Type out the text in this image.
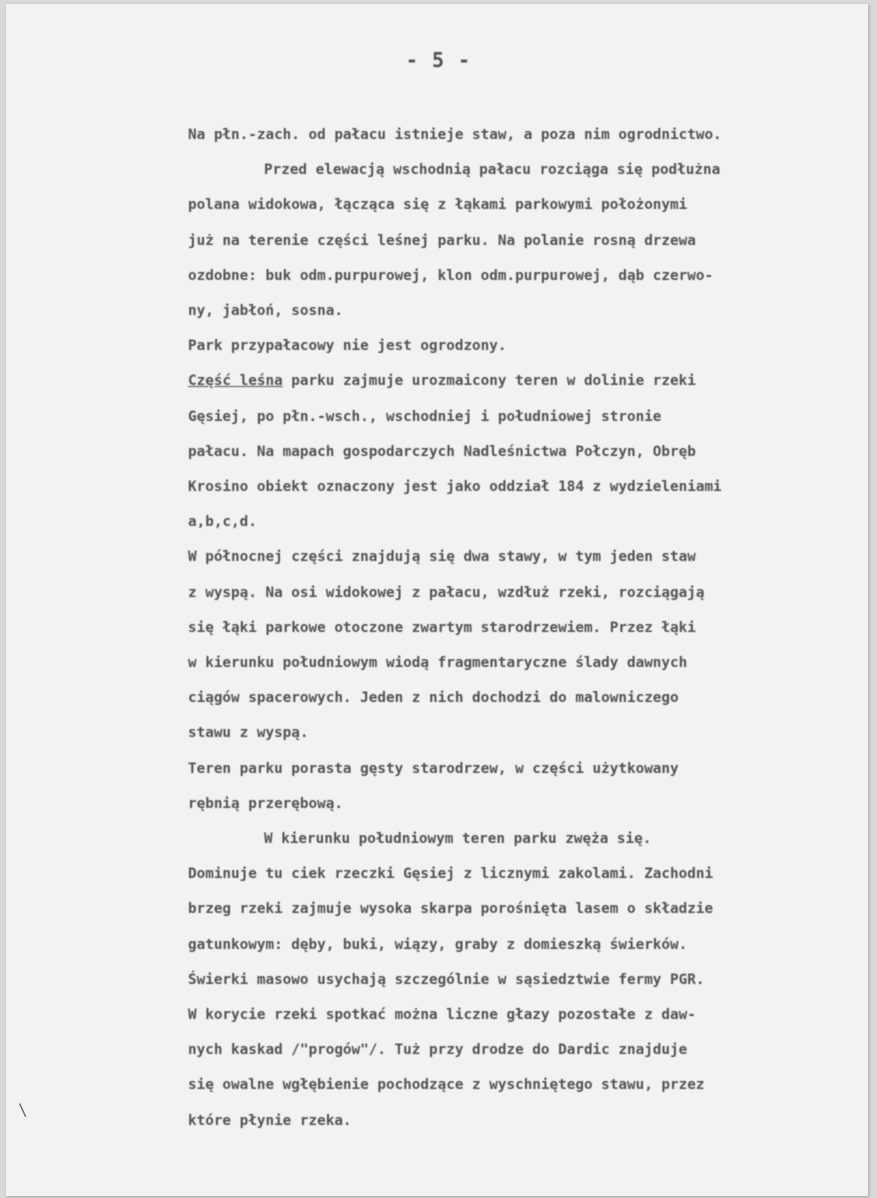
- 5 -
Na płn.-zach. od pałacu istnieje staw, a poza nim ogrodnictwo.
Przed elewacją wschodnią pałacu rozciąga się podłużna
polana widokowa, łącząca się z łąkami parkowymi położonymi
już na terenie części leśnej parku. Na polanie rosną drzewa
ozdobne: buk odm.purpurowej, klon odm.purpurowej, dąb czerwo-
ny, jabłoń, sosna.
Park przypałacowy nie jest ogrodzony.
Część leśna parku zajmuje urozmaicony teren w dolinie rzeki
Gęsiej, po płn.-wsch., wschodniej i południowej stronie
pałacu. Na mapach gospodarczych Nadleśnictwa Połczyn, Obręb
Krosino obiekt oznaczony jest jako oddział 184 z wydzieleniami
a,b,c,d.
W północnej części znajdują się dwa stawy, w tym jeden staw
z wyspą. Na osi widokowej z pałacu, wzdłuż rzeki, rozciągają
się łąki parkowe otoczone zwartym starodrzewiem. Przez łąki
w kierunku południowym wiodą fragmentaryczne ślady dawnych
ciągów spacerowych. Jeden z nich dochodzi do malowniczego
stawu z wyspą.
Teren parku porasta gęsty starodrzew, w części użytkowany
rębnią przerębową.
W kierunku południowym teren parku zwęża się.
Dominuje tu ciek rzeczki Gęsiej z licznymi zakolami. Zachodni
brzeg rzeki zajmuje wysoka skarpa porośnięta lasem o składzie
gatunkowym: dęby, buki, wiązy, graby z domieszką świerków.
Świerki masowo usychają szczególnie w sąsiedztwie fermy PGR.
W korycie rzeki spotkać można liczne głazy pozostałe z daw-
nych kaskad /"progów"/. Tuż przy drodze do Dardic znajduje
się owalne wgłębienie pochodzące z wyschniętego stawu, przez
które płynie rzeka.
\
